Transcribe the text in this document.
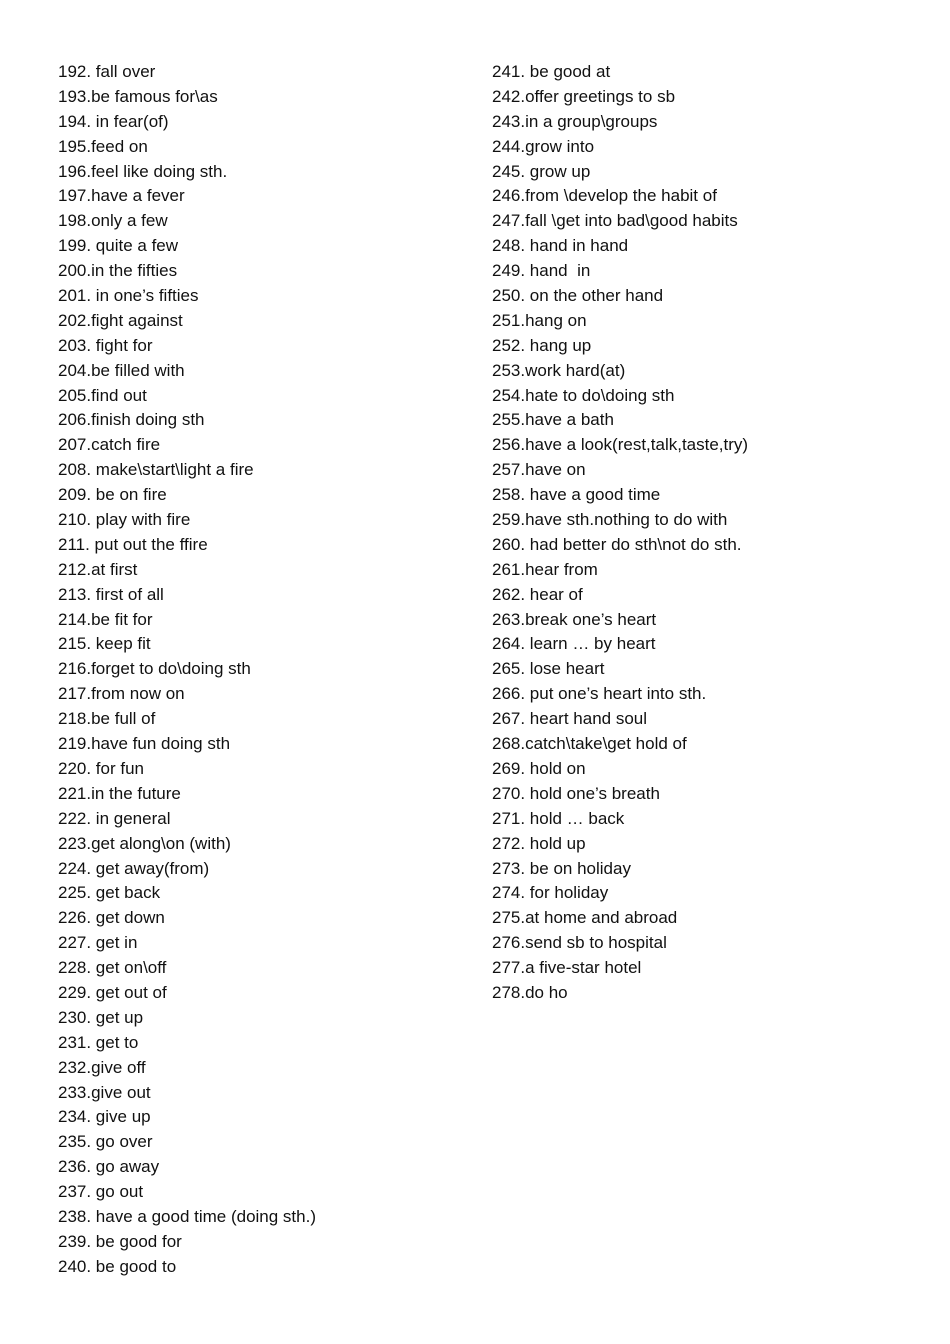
192. fall over
193.be famous for\as
194. in fear(of)
195.feed on
196.feel like doing sth.
197.have a fever
198.only a few
199. quite a few
200.in the fifties
201. in one’s fifties
202.fight against
203. fight for
204.be filled with
205.find out
206.finish doing sth
207.catch fire
208. make\start\light a fire
209. be on fire
210. play with fire
211. put out the ffire
212.at first
213. first of all
214.be fit for
215. keep fit
216.forget to do\doing sth
217.from now on
218.be full of
219.have fun doing sth
220. for fun
221.in the future
222. in general
223.get along\on (with)
224. get away(from)
225. get back
226. get down
227. get in
228. get on\off
229. get out of
230. get up
231. get to
232.give off
233.give out
234. give up
235. go over
236. go away
237. go out
238. have a good time (doing sth.)
239. be good for
240. be good to
241. be good at
242.offer greetings to sb
243.in a group\groups
244.grow into
245. grow up
246.from \develop the habit of
247.fall \get into bad\good habits
248. hand in hand
249. hand  in
250. on the other hand
251.hang on
252. hang up
253.work hard(at)
254.hate to do\doing sth
255.have a bath
256.have a look(rest,talk,taste,try)
257.have on
258. have a good time
259.have sth.nothing to do with
260. had better do sth\not do sth.
261.hear from
262. hear of
263.break one’s heart
264. learn … by heart
265. lose heart
266. put one’s heart into sth.
267. heart hand soul
268.catch\take\get hold of
269. hold on
270. hold one’s breath
271. hold … back
272. hold up
273. be on holiday
274. for holiday
275.at home and abroad
276.send sb to hospital
277.a five-star hotel
278.do ho
